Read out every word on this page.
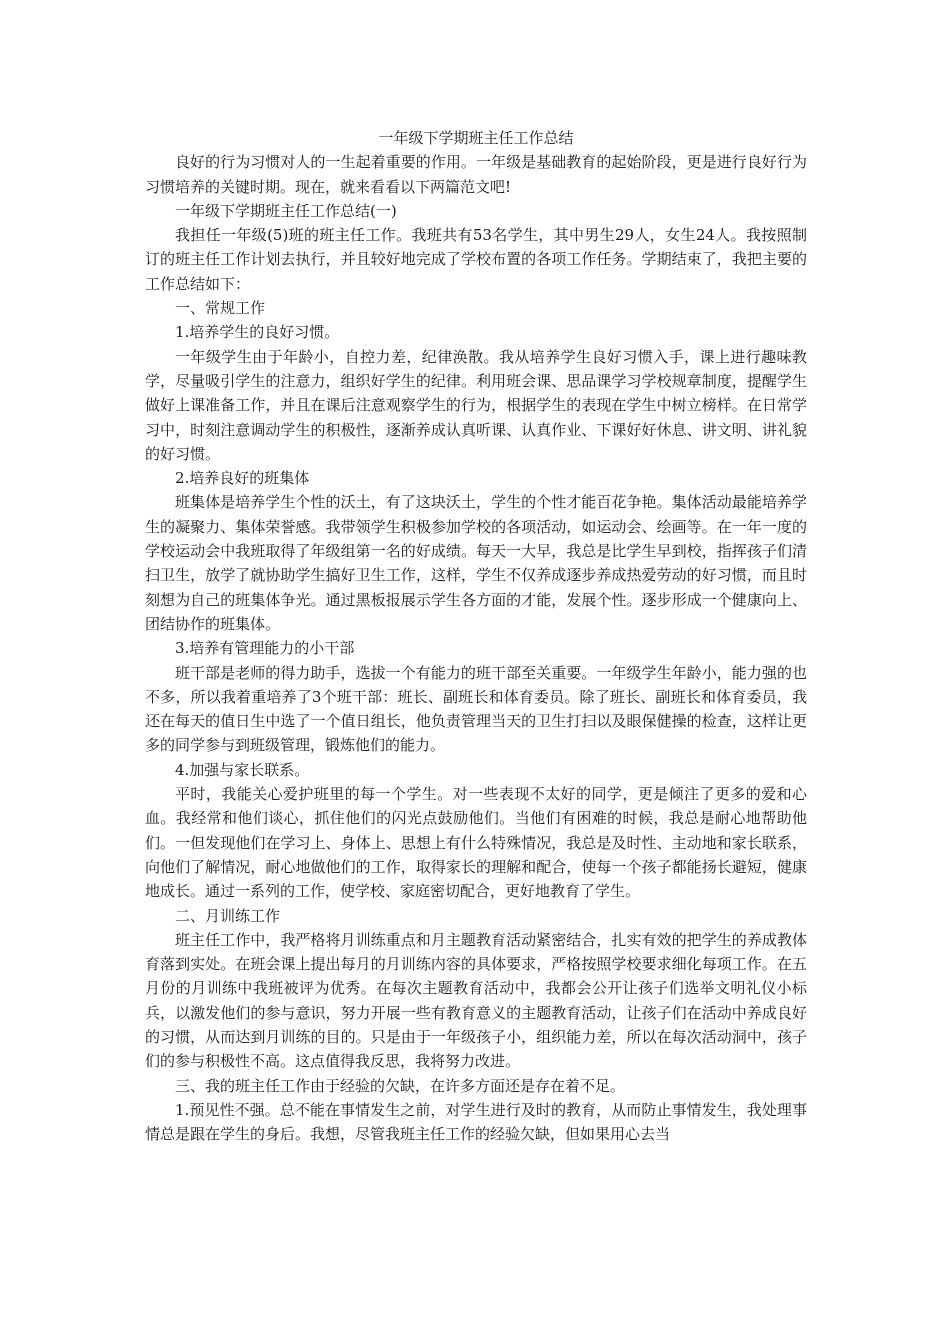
一年级下学期班主任工作总结

良好的行为习惯对人的一生起着重要的作用。一年级是基础教育的起始阶段，更是进行良好行为习惯培养的关键时期。现在，就来看看以下两篇范文吧!

一年级下学期班主任工作总结(一)

我担任一年级(5)班的班主任工作。我班共有53名学生，其中男生29人，女生24人。我按照制订的班主任工作计划去执行，并且较好地完成了学校布置的各项工作任务。学期结束了，我把主要的工作总结如下：

一、常规工作

1.培养学生的良好习惯。

一年级学生由于年龄小，自控力差，纪律涣散。我从培养学生良好习惯入手，课上进行趣味教学，尽量吸引学生的注意力，组织好学生的纪律。利用班会课、思品课学习学校规章制度，提醒学生做好上课准备工作，并且在课后注意观察学生的行为，根据学生的表现在学生中树立榜样。在日常学习中，时刻注意调动学生的积极性，逐渐养成认真听课、认真作业、下课好好休息、讲文明、讲礼貌的好习惯。

2.培养良好的班集体

班集体是培养学生个性的沃土，有了这块沃土，学生的个性才能百花争艳。集体活动最能培养学生的凝聚力、集体荣誉感。我带领学生积极参加学校的各项活动，如运动会、绘画等。在一年一度的学校运动会中我班取得了年级组第一名的好成绩。每天一大早，我总是比学生早到校，指挥孩子们清扫卫生，放学了就协助学生搞好卫生工作，这样，学生不仅养成逐步养成热爱劳动的好习惯，而且时刻想为自己的班集体争光。通过黑板报展示学生各方面的才能，发展个性。逐步形成一个健康向上、团结协作的班集体。

3.培养有管理能力的小干部

班干部是老师的得力助手，选拔一个有能力的班干部至关重要。一年级学生年龄小，能力强的也不多，所以我着重培养了3个班干部：班长、副班长和体育委员。除了班长、副班长和体育委员，我还在每天的值日生中选了一个值日组长，他负责管理当天的卫生打扫以及眼保健操的检查，这样让更多的同学参与到班级管理，锻炼他们的能力。

4.加强与家长联系。

平时，我能关心爱护班里的每一个学生。对一些表现不太好的同学，更是倾注了更多的爱和心血。我经常和他们谈心，抓住他们的闪光点鼓励他们。当他们有困难的时候，我总是耐心地帮助他们。一但发现他们在学习上、身体上、思想上有什么特殊情况，我总是及时性、主动地和家长联系，向他们了解情况，耐心地做他们的工作，取得家长的理解和配合，使每一个孩子都能扬长避短，健康地成长。通过一系列的工作，使学校、家庭密切配合，更好地教育了学生。

二、月训练工作

班主任工作中，我严格将月训练重点和月主题教育活动紧密结合，扎实有效的把学生的养成教体育落到实处。在班会课上提出每月的月训练内容的具体要求，严格按照学校要求细化每项工作。在五月份的月训练中我班被评为优秀。在每次主题教育活动中，我都会公开让孩子们选举文明礼仪小标兵，以激发他们的参与意识，努力开展一些有教育意义的主题教育活动，让孩子们在活动中养成良好的习惯，从而达到月训练的目的。只是由于一年级孩子小，组织能力差，所以在每次活动洞中，孩子们的参与积极性不高。这点值得我反思，我将努力改进。

三、我的班主任工作由于经验的欠缺，在许多方面还是存在着不足。

1.预见性不强。总不能在事情发生之前，对学生进行及时的教育，从而防止事情发生，我处理事情总是跟在学生的身后。我想，尽管我班主任工作的经验欠缺，但如果用心去当
